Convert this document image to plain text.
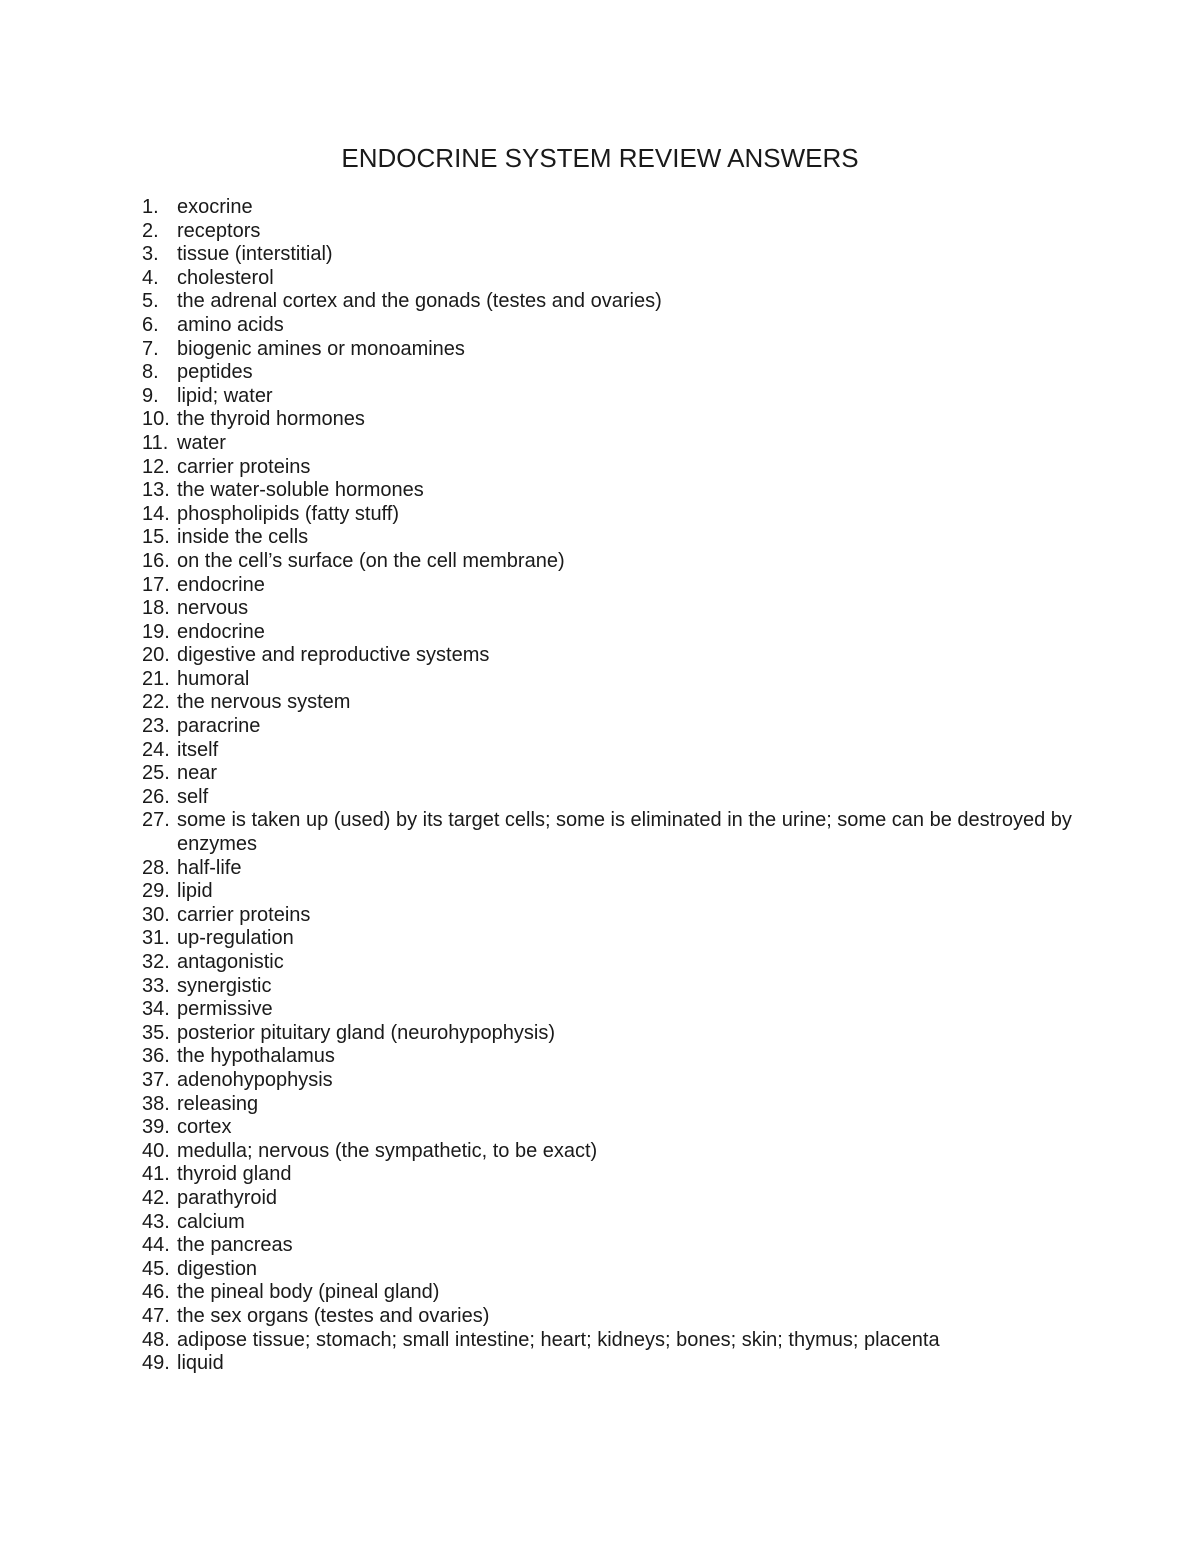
ENDOCRINE SYSTEM REVIEW ANSWERS
1. exocrine
2. receptors
3. tissue (interstitial)
4. cholesterol
5. the adrenal cortex and the gonads (testes and ovaries)
6. amino acids
7. biogenic amines or monoamines
8. peptides
9. lipid; water
10. the thyroid hormones
11. water
12. carrier proteins
13. the water-soluble hormones
14. phospholipids (fatty stuff)
15. inside the cells
16. on the cell’s surface (on the cell membrane)
17. endocrine
18. nervous
19. endocrine
20. digestive and reproductive systems
21. humoral
22. the nervous system
23. paracrine
24. itself
25. near
26. self
27. some is taken up (used) by its target cells; some is eliminated in the urine; some can be destroyed by enzymes
28. half-life
29. lipid
30. carrier proteins
31. up-regulation
32. antagonistic
33. synergistic
34. permissive
35. posterior pituitary gland (neurohypophysis)
36. the hypothalamus
37. adenohypophysis
38. releasing
39. cortex
40. medulla; nervous (the sympathetic, to be exact)
41. thyroid gland
42. parathyroid
43. calcium
44. the pancreas
45. digestion
46. the pineal body (pineal gland)
47. the sex organs (testes and ovaries)
48. adipose tissue; stomach; small intestine; heart; kidneys; bones; skin; thymus; placenta
49. liquid
